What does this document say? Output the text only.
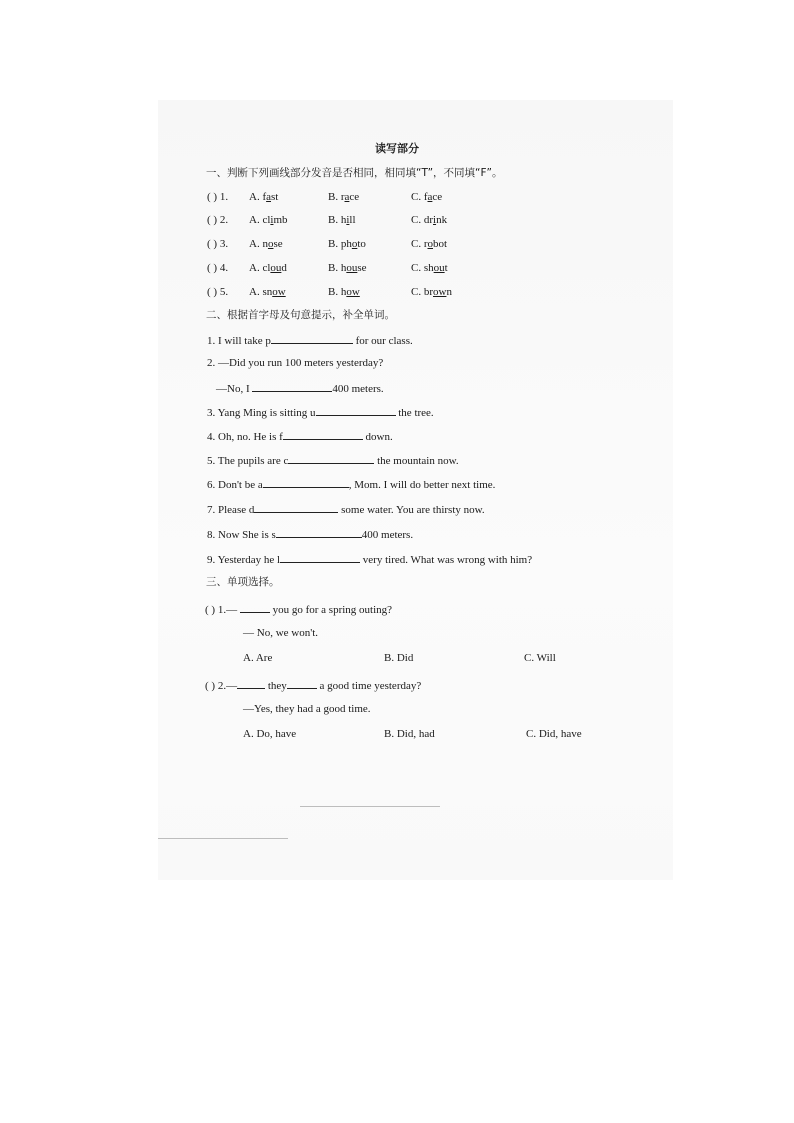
读写部分
一、判断下列画线部分发音是否相同，相同填“T”，不同填“F”。
( ) 1. A. fast	B. race	C. face
( ) 2. A. climb	B. hill	C. drink
( ) 3. A. nose	B. photo	C. robot
( ) 4. A. cloud	B. house	C. shout
( ) 5. A. snow	B. how	C. brown
二、根据首字母及句意提示，补全单词。
1. I will take p	for our class.
2. —Did you run 100 meters yesterday?
—No, I	400 meters.
3. Yang Ming is sitting u	the tree.
4. Oh, no. He is f	down.
5. The pupils are c	the mountain now.
6. Don't be a	, Mom. I will do better next time.
7. Please d	some water. You are thirsty now.
8. Now She is s	400 meters.
9. Yesterday he l	very tired. What was wrong with him?
三、单项选择。
( ) 1.—	you go for a spring outing?
— No, we won't.
A. Are	B. Did	C. Will
( ) 2.—	they	a good time yesterday?
—Yes, they had a good time.
A. Do, have	B. Did, had	C. Did, have
